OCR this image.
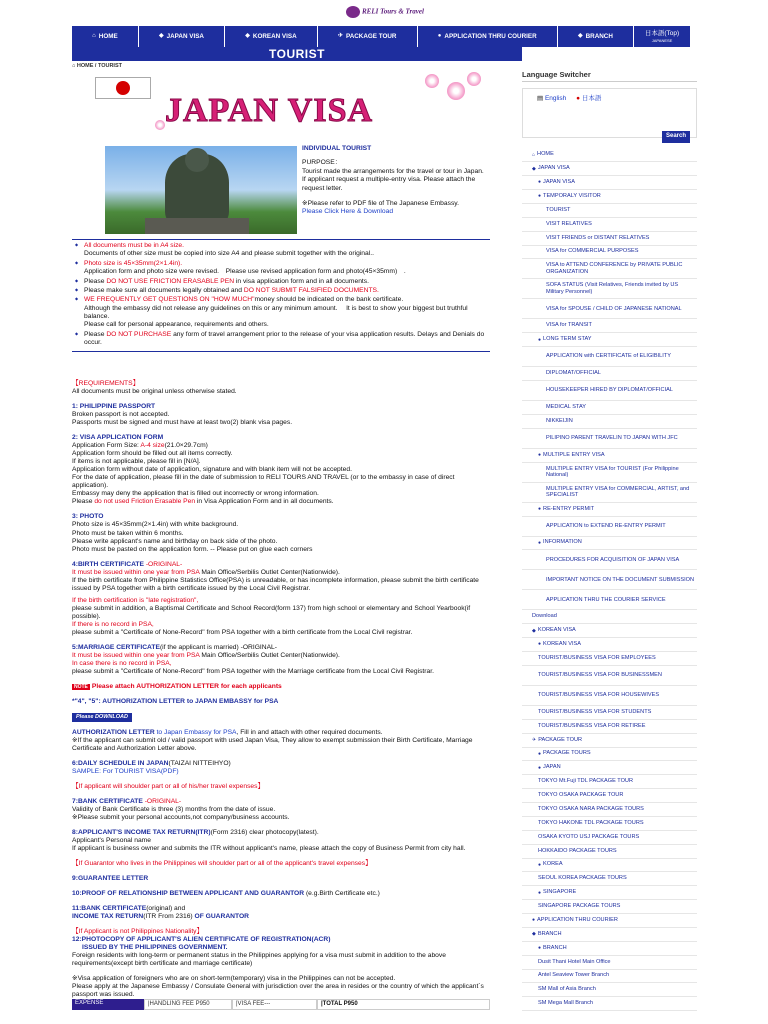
RELI Tours & Travel
⌂ HOME	◆ JAPAN VISA	◆ KOREAN VISA	✈ PACKAGE TOUR	● APPLICATION THRU COURIER	◆ BRANCH	日本語(Top)
JAPANESE
TOURIST
⌂ HOME / TOURIST
JAPAN VISA
INDIVIDUAL TOURIST
PURPOSE：
Tourist made the arrangements for the travel or tour in Japan.
If applicant request a multiple-entry visa. Please attach the request letter.
※Please refer to PDF file of The Japanese Embassy.
Please Click Here & Download
◆ All documents must be in A4 size.
Documents of other size must be copied into size A4 and please submit together with the original..
◆ Photo size is 45×35mm(2×1.4in).
Application form and photo size were revised.　Please use revised application form and photo(45×35mm)　.
◆ Please DO NOT USE FRICTION ERASABLE PEN in visa application form and in all documents.
◆ Please make sure all documents legally obtained and DO NOT SUBMIT FALSIFIED DOCUMENTS.
◆ WE FREQUENTLY GET QUESTIONS ON "HOW MUCH"money should be indicated on the bank certificate.
Although the embassy did not release any guidelines on this or any minimum amount.　 It is best to show your biggest but truthful balance.
Please call for personal appearance, requirements and others.
◆ Please DO NOT PURCHASE any form of travel arrangement prior to the release of your visa application results. Delays and Denials do occur.

【REQUIREMENTS】

All documents must be original unless otherwise stated.

1: PHILIPPINE PASSPORT

Broken passport is not accepted.

Passports must be signed and must have at least two(2) blank visa pages.

2: VISA APPLICATION FORM

Application Form Size: A-4 size(21.0×29.7cm)

Application form should be filled out all items correctly.

If items is not applicable, please fill in [N/A].

Application form without date of application, signature and with blank item will not be accepted.

For the date of application, please fill in the date of submission to RELI TOURS AND TRAVEL (or to the embassy in case of direct application).

Embassy may deny the application that is filled out incorrectly or wrong information.

Please do not used Friction Erasable Pen in Visa Application Form and in all documents.

3: PHOTO

Photo size is 45×35mm(2×1.4in) with white background.

Photo must be taken within 6 months.

Please write applicant's name and birthday on back side of the photo.

Photo must be pasted on the application form. -- Please put on glue each corners

4:BIRTH CERTIFICATE -ORIGINAL-

It must be issued within one year from PSA Main Office/Serbilis Outlet Center(Nationwide).

If the birth certificate from Philippine Statistics Office(PSA) is unreadable, or has incomplete information, please submit the birth certificate issued by PSA together with a birth certificate issued by the Local Civil Registrar.

If the birth certification is "late registration",

please submit in addition, a Baptismal Certificate and School Record(form 137) from high school or elementary and School Yearbook(if possible).

If there is no record in PSA,

please submit a "Certificate of None-Record" from PSA together with a birth certificate from the Local Civil registrar.

5:MARRIAGE CERTIFICATE(if the applicant is married) -ORIGINAL-

It must be issued within one year from PSA Main Office/Serbilis Outlet Center(Nationwide).

In case there is no record in PSA,

please submit a "Certificate of None-Record" from PSA together with the Marriage certificate from the Local Civil Registrar.

NOTE Please attach AUTHORIZATION LETTER for each applicants

*"4", "5": AUTHORIZATION LETTER to JAPAN EMBASSY for PSA

Please DOWNLOAD

AUTHORIZATION LETTER to Japan Embassy for PSA, Fill in and attach with other required documents.

※If the applicant can submit old / valid passport with used Japan Visa, They allow to exempt submission their Birth Certificate, Marriage Certificate and Authorization Letter above.

6:DAILY SCHEDULE IN JAPAN(TAIZAI NITTEIHYO)

SAMPLE: For TOURIST VISA(PDF)

【If applicant will shoulder part or all of his/her travel expenses】

7:BANK CERTIFICATE -ORIGINAL-

Validity of Bank Certificate is three (3) months from the date of issue.

※Please submit your personal accounts,not company/business accounts.

8:APPLICANT'S INCOME TAX RETURN(ITR)(Form 2316) clear photocopy(latest).

Applicant's Personal name

If applicant is business owner and submits the ITR without applicant's name, please attach the copy of Business Permit from city hall.

【If Guarantor who lives in the Philippines will shoulder part or all of the applicant's travel expenses】

9:GUARANTEE LETTER

10:PROOF OF RELATIONSHIP BETWEEN APPLICANT AND GUARANTOR (e.g.Birth Certificate etc.)

11:BANK CERTIFICATE(original) and

INCOME TAX RETURN(ITR From 2316) OF GUARANTOR

【If Applicant is not Philippines Nationality】

12:PHOTOCOPY OF APPLICANT'S ALIEN CERTIFICATE OF REGISTRATION(ACR)

ISSUED BY THE PHILIPPINES GOVERNMENT.

Foreign residents with long-term or permanent status in the Philippines applying for a visa must submit in addition to the above requirements(except birth certificate and marriage certificate)

※Visa application of foreigners who are on short-term(temporary) visa in the Philippines can not be accepted.

Please apply at the Japanese Embassy / Consulate General with jurisdiction over the area in resides or the country of which the applicant`s passport was issued.

EXPENSE	|HANDLING FEE P950	|VISA FEE---	|TOTAL P950
Language Switcher
▤ English ● 日本語
Search
⌂ HOME
◆ JAPAN VISA
● JAPAN VISA
● TEMPORALY VISITOR
TOURIST
VISIT RELATIVES
VISIT FRIENDS or DISTANT RELATIVES
VISA for COMMERCIAL PURPOSES
VISA to ATTEND CONFERENCE by PRIVATE PUBLIC ORGANIZATION
SOFA STATUS (Visit Relatives, Friends invited by US Military Personnel)
VISA for SPOUSE / CHILD OF JAPANESE NATIONAL
VISA for TRANSIT
● LONG TERM STAY
APPLICATION with CERTIFICATE of ELIGIBILITY
DIPLOMAT/OFFICIAL
HOUSEKEEPER HIRED BY DIPLOMAT/OFFICIAL
MEDICAL STAY
NIKKEIJIN
PILIPINO PARENT TRAVELIN TO JAPAN WITH JFC
● MULTIPLE ENTRY VISA
MULTIPLE ENTRY VISA for TOURIST (For Philippine National)
MULTIPLE ENTRY VISA for COMMERCIAL, ARTIST, and SPECIALIST
● RE-ENTRY PERMIT
APPLICATION to EXTEND RE-ENTRY PERMIT
● INFORMATION
PROCEDURES FOR ACQUISITION OF JAPAN VISA
IMPORTANT NOTICE ON THE DOCUMENT SUBMISSION
APPLICATION THRU THE COURIER SERVICE
Download
◆ KOREAN VISA
● KOREAN VISA
TOURIST/BUSINESS VISA FOR EMPLOYEES
TOURIST/BUSINESS VISA FOR BUSINESSMEN
TOURIST/BUSINESS VISA FOR HOUSEWIVES
TOURIST/BUSINESS VISA FOR STUDENTS
TOURIST/BUSINESS VISA FOR RETIREE
✈ PACKAGE TOUR
● PACKAGE TOURS
● JAPAN
TOKYO Mt.Fuji TDL PACKAGE TOUR
TOKYO OSAKA PACKAGE TOUR
TOKYO OSAKA NARA PACKAGE TOURS
TOKYO HAKONE TDL PACKAGE TOURS
OSAKA KYOTO USJ PACKAGE TOURS
HOKKAIDO PACKAGE TOURS
● KOREA
SEOUL KOREA PACKAGE TOURS
● SINGAPORE
SINGAPORE PACKAGE TOURS
● APPLICATION THRU COURIER
◆ BRANCH
● BRANCH
Dusit Thani Hotel Main Office
Antel Seaview Tower Branch
SM Mall of Asia Branch
SM Mega Mall Branch
